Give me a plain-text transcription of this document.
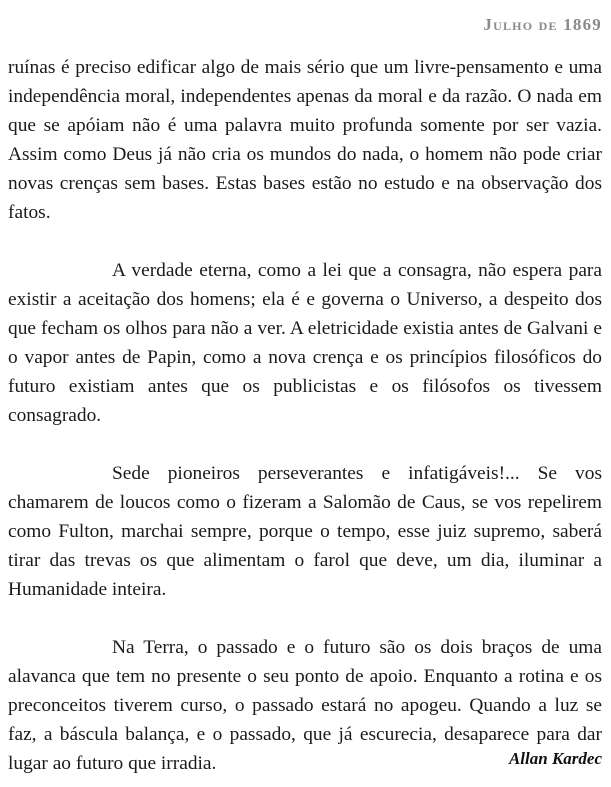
Julho de 1869

ruínas é preciso edificar algo de mais sério que um livre-pensamento e uma independência moral, independentes apenas da moral e da razão. O nada em que se apóiam não é uma palavra muito profunda somente por ser vazia. Assim como Deus já não cria os mundos do nada, o homem não pode criar novas crenças sem bases. Estas bases estão no estudo e na observação dos fatos.

A verdade eterna, como a lei que a consagra, não espera para existir a aceitação dos homens; ela é e governa o Universo, a despeito dos que fecham os olhos para não a ver. A eletricidade existia antes de Galvani e o vapor antes de Papin, como a nova crença e os princípios filosóficos do futuro existiam antes que os publicistas e os filósofos os tivessem consagrado.

Sede pioneiros perseverantes e infatigáveis!... Se vos chamarem de loucos como o fizeram a Salomão de Caus, se vos repelirem como Fulton, marchai sempre, porque o tempo, esse juiz supremo, saberá tirar das trevas os que alimentam o farol que deve, um dia, iluminar a Humanidade inteira.

Na Terra, o passado e o futuro são os dois braços de uma alavanca que tem no presente o seu ponto de apoio. Enquanto a rotina e os preconceitos tiverem curso, o passado estará no apogeu. Quando a luz se faz, a báscula balança, e o passado, que já escurecia, desaparece para dar lugar ao futuro que irradia.	Allan Kardec
